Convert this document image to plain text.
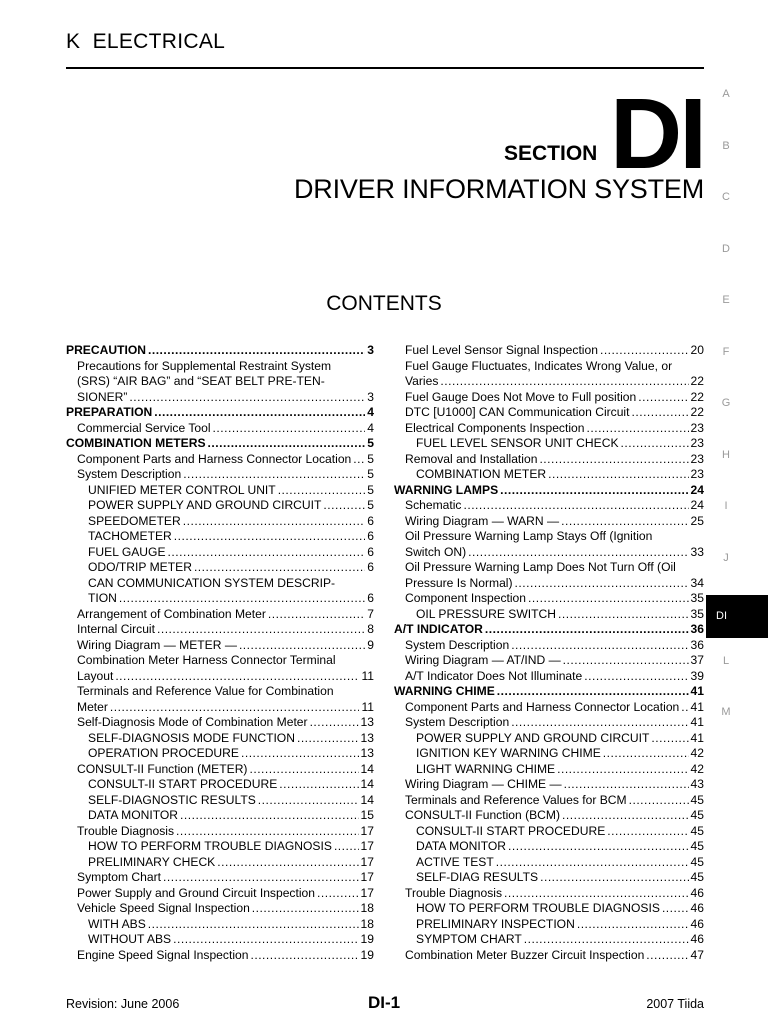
K ELECTRICAL
SECTION DI
DRIVER INFORMATION SYSTEM
CONTENTS
A
B
C
D
E
F
G
H
I
J
DI
L
M
PRECAUTION .....	3
Precautions for Supplemental Restraint System
(SRS) “AIR BAG” and “SEAT BELT PRE-TEN-
SIONER” .....	3
PREPARATION .....	4
Commercial Service Tool .....	4
COMBINATION METERS .....	5
Component Parts and Harness Connector Location ..... 5
System Description .....	5
UNIFIED METER CONTROL UNIT .....	5
POWER SUPPLY AND GROUND CIRCUIT .....	5
SPEEDOMETER .....	6
TACHOMETER .....	6
FUEL GAUGE .....	6
ODO/TRIP METER .....	6
CAN COMMUNICATION SYSTEM DESCRIP-
TION .....	6
Arrangement of Combination Meter .....	7
Internal Circuit .....	8
Wiring Diagram — METER — .....	9
Combination Meter Harness Connector Terminal
Layout .....	11
Terminals and Reference Value for Combination
Meter .....	11
Self-Diagnosis Mode of Combination Meter .....	13
SELF-DIAGNOSIS MODE FUNCTION .....	13
OPERATION PROCEDURE .....	13
CONSULT-II Function (METER) .....	14
CONSULT-II START PROCEDURE .....	14
SELF-DIAGNOSTIC RESULTS .....	14
DATA MONITOR .....	15
Trouble Diagnosis .....	17
HOW TO PERFORM TROUBLE DIAGNOSIS ..... 17
PRELIMINARY CHECK .....	17
Symptom Chart .....	17
Power Supply and Ground Circuit Inspection .....	17
Vehicle Speed Signal Inspection .....	18
WITH ABS .....	18
WITHOUT ABS .....	19
Engine Speed Signal Inspection .....	19
Fuel Level Sensor Signal Inspection .....	20
Fuel Gauge Fluctuates, Indicates Wrong Value, or
Varies .....	22
Fuel Gauge Does Not Move to Full position .....	22
DTC [U1000] CAN Communication Circuit .....	22
Electrical Components Inspection .....	23
FUEL LEVEL SENSOR UNIT CHECK .....	23
Removal and Installation .....	23
COMBINATION METER .....	23
WARNING LAMPS .....	24
Schematic .....	24
Wiring Diagram — WARN — .....	25
Oil Pressure Warning Lamp Stays Off (Ignition
Switch ON) .....	33
Oil Pressure Warning Lamp Does Not Turn Off (Oil
Pressure Is Normal) .....	34
Component Inspection .....	35
OIL PRESSURE SWITCH .....	35
A/T INDICATOR .....	36
System Description .....	36
Wiring Diagram — AT/IND — .....	37
A/T Indicator Does Not Illuminate .....	39
WARNING CHIME .....	41
Component Parts and Harness Connector Location ..... 41
System Description .....	41
POWER SUPPLY AND GROUND CIRCUIT .....	41
IGNITION KEY WARNING CHIME .....	42
LIGHT WARNING CHIME .....	42
Wiring Diagram — CHIME — .....	43
Terminals and Reference Values for BCM .....	45
CONSULT-II Function (BCM) .....	45
CONSULT-II START PROCEDURE .....	45
DATA MONITOR .....	45
ACTIVE TEST .....	45
SELF-DIAG RESULTS .....	45
Trouble Diagnosis .....	46
HOW TO PERFORM TROUBLE DIAGNOSIS .....	46
PRELIMINARY INSPECTION .....	46
SYMPTOM CHART .....	46
Combination Meter Buzzer Circuit Inspection .....	47
Revision: June 2006	DI-1	2007 Tiida
